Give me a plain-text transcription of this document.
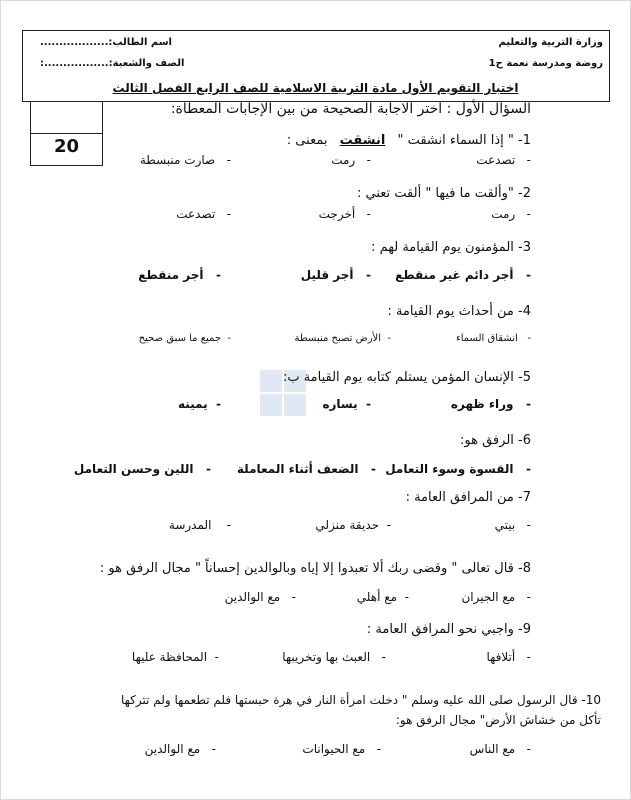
وزارة التربية والتعليم
روضة ومدرسة نعمة ح1
اسم الطالب:..................
الصف والشعبة:.................:
اختبار التقويم الأول مادة التربية الاسلامية للصف الرابع الفصل الثالث
20
السؤال الأول : اختر الاجابة الصحيحة من بين الإجابات المعطاة:
1- " إذا السماء انشقت " انشقت بمعنى :
-   تصدعت
-   رمت
-   صارت منبسطة
2- "وألقت ما فيها " ألقت تعني :
-   رمت
-   أخرجت
-   تصدعت
3- المؤمنون يوم القيامة لهم :
-   أجر دائم غير منقطع
-   أجر قليل
-   أجر منقطع
4- من أحداث يوم القيامة :
-   انشقاق السماء
-  الأرض تصبح منبسطة
-  جميع ما سبق صحيح
5- الإنسان المؤمن يستلم كتابه يوم القيامة ب:
-   وراء ظهره
-  يساره
-  يمينه
6- الرفق هو:
-   القسوة وسوء التعامل
-   الضعف أثناء المعاملة
-   اللين وحسن التعامل
7- من المرافق العامة :
-   بيتي
-  حديقة منزلي
-    المدرسة
8- قال تعالى " وقضى ربك ألا تعبدوا إلا إياه وبالوالدين إحساناً " مجال الرفق هو :
-   مع الجيران
-  مع أهلي
-   مع الوالدين
9- واجبي نحو المرافق العامة :
-   أتلافها
-   العبث بها وتخريبها
-  المحافظة عليها
10- قال الرسول صلى الله عليه وسلم " دخلت امرأة النار في هرة حبستها فلم تطعمها ولم تتركها
تأكل من خشاش الأرض" مجال الرفق هو:
-   مع الناس
-   مع الحيوانات
-   مع الوالدين
